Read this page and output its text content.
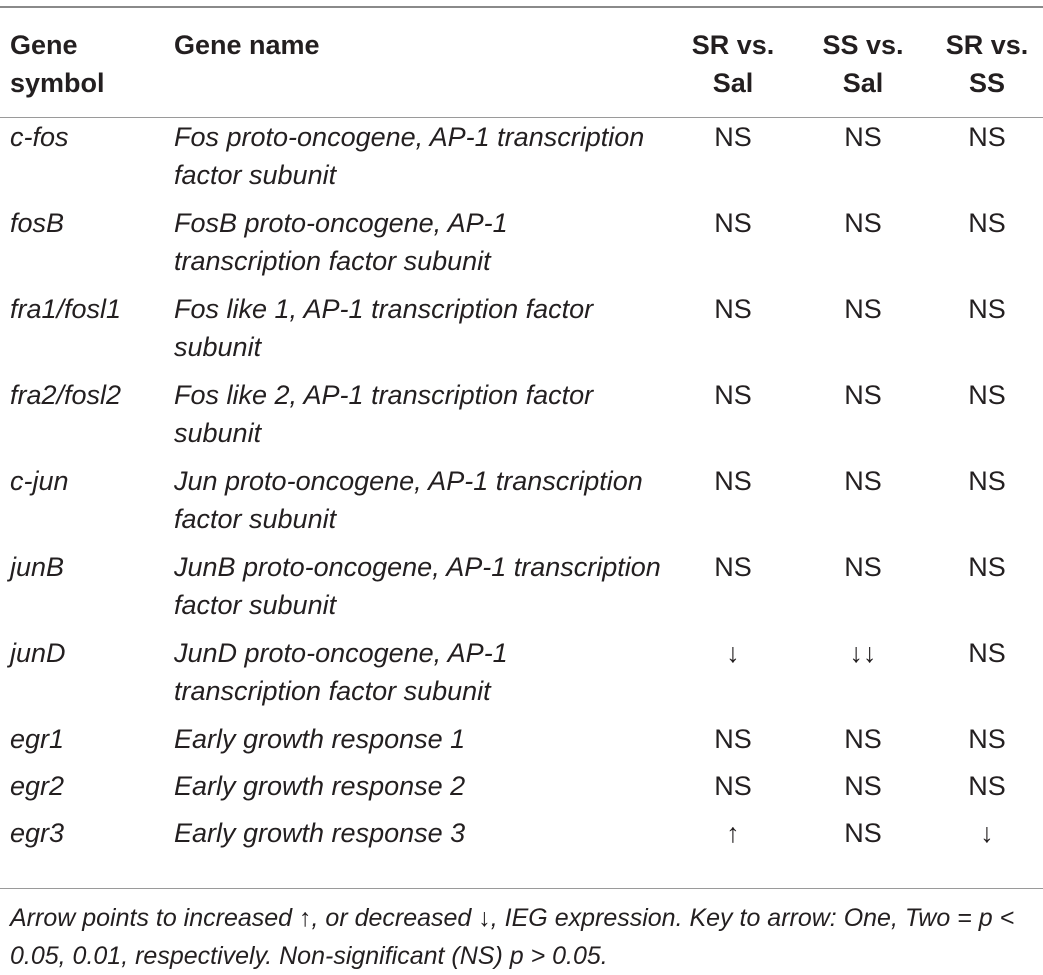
Gene symbol	Gene name	SR vs. Sal	SS vs. Sal	SR vs. SS

c-fos	Fos proto-oncogene, AP-1 transcription factor subunit	NS	NS	NS
fosB	FosB proto-oncogene, AP-1 transcription factor subunit	NS	NS	NS
fra1/fosl1	Fos like 1, AP-1 transcription factor subunit	NS	NS	NS
fra2/fosl2	Fos like 2, AP-1 transcription factor subunit	NS	NS	NS
c-jun	Jun proto-oncogene, AP-1 transcription factor subunit	NS	NS	NS
junB	JunB proto-oncogene, AP-1 transcription factor subunit	NS	NS	NS
junD	JunD proto-oncogene, AP-1 transcription factor subunit	↓	↓↓	NS
egr1	Early growth response 1	NS	NS	NS
egr2	Early growth response 2	NS	NS	NS
egr3	Early growth response 3	↑	NS	↓
Arrow points to increased ↑, or decreased ↓, IEG expression. Key to arrow: One, Two = p < 0.05, 0.01, respectively. Non-significant (NS) p > 0.05.
